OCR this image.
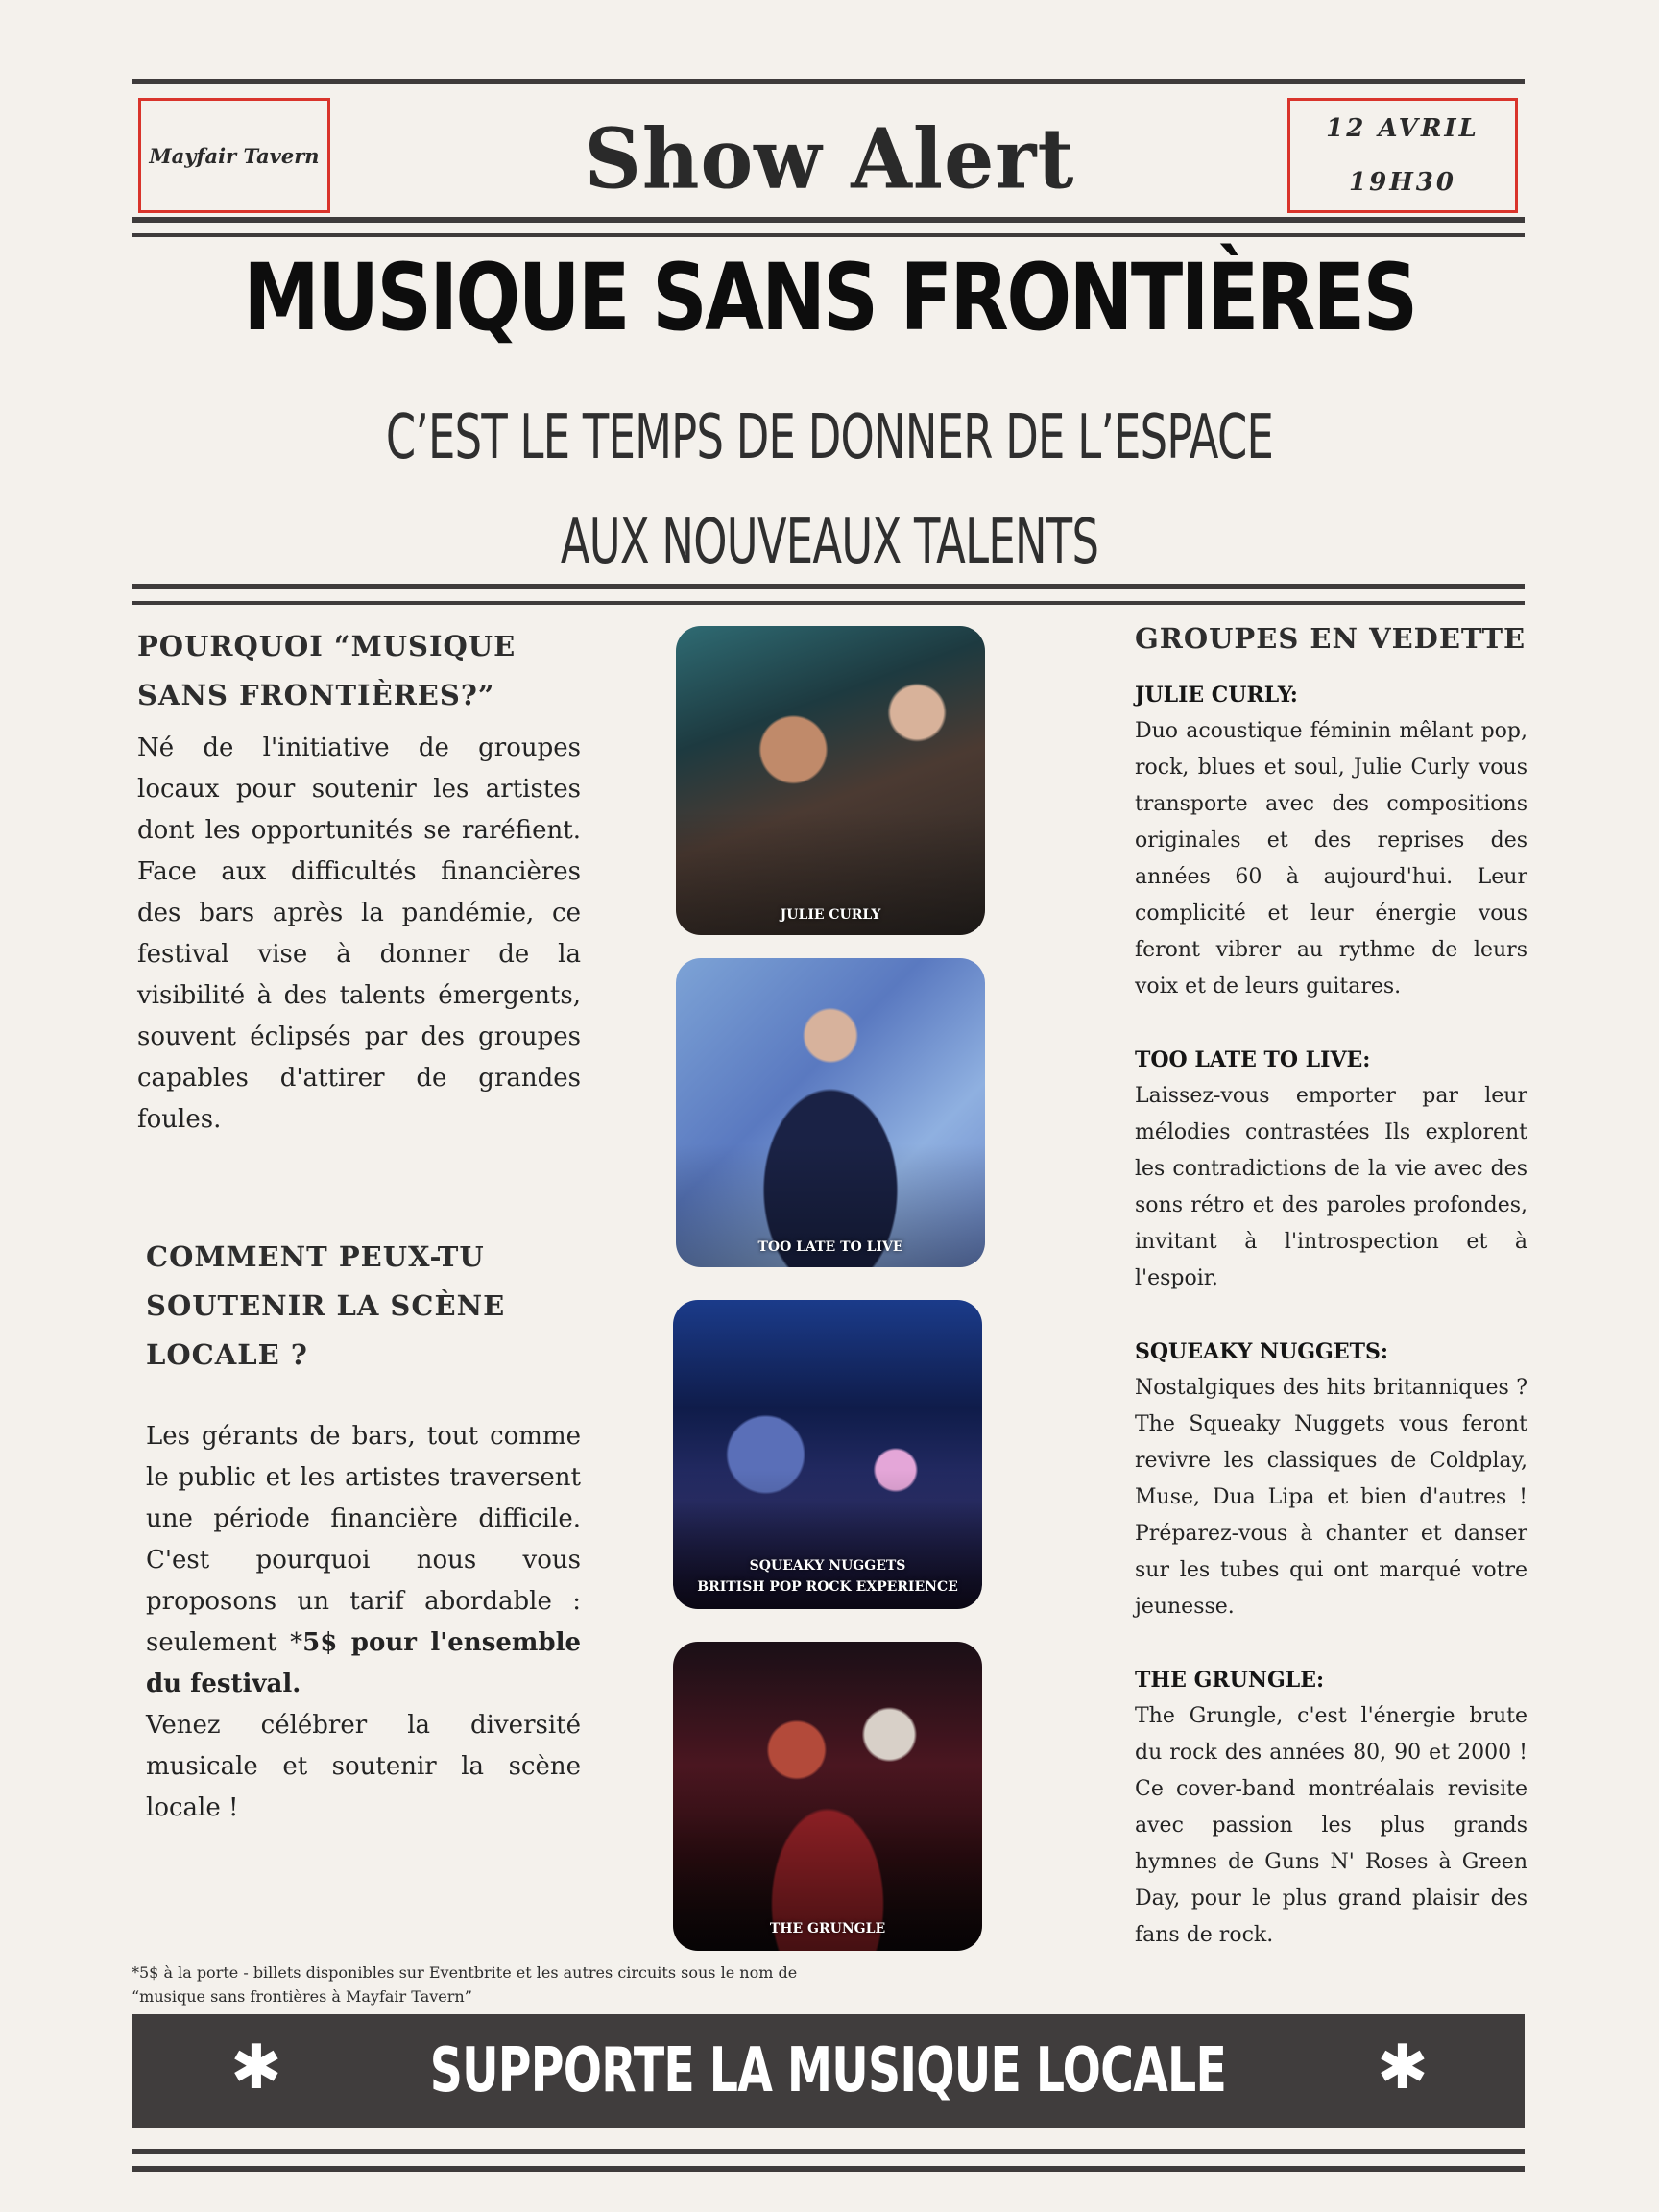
Mayfair Tavern	Show Alert	12 AVRIL
19H30
MUSIQUE SANS FRONTIÈRES
C’EST LE TEMPS DE DONNER DE L’ESPACE
AUX NOUVEAUX TALENTS
POURQUOI “MUSIQUE
SANS FRONTIÈRES?”
Né de l'initiative de groupes locaux pour soutenir les artistes dont les opportunités se raréfient. Face aux difficultés financières des bars après la pandémie, ce festival vise à donner de la visibilité à des talents émergents, souvent éclipsés par des groupes capables d'attirer de grandes foules.
COMMENT PEUX-TU
SOUTENIR LA SCÈNE
LOCALE ?
Les gérants de bars, tout comme le public et les artistes traversent une période financière difficile. C'est pourquoi nous vous proposons un tarif abordable : seulement *5$ pour l'ensemble du festival.
Venez célébrer la diversité musicale et soutenir la scène locale !
JULIE CURLY
TOO LATE TO LIVE
SQUEAKY NUGGETS
BRITISH POP ROCK EXPERIENCE
THE GRUNGLE
GROUPES EN VEDETTE
JULIE CURLY:
Duo acoustique féminin mêlant pop, rock, blues et soul, Julie Curly vous transporte avec des compositions originales et des reprises des années 60 à aujourd'hui. Leur complicité et leur énergie vous feront vibrer au rythme de leurs voix et de leurs guitares.
TOO LATE TO LIVE:
Laissez-vous emporter par leur mélodies contrastées Ils explorent les contradictions de la vie avec des sons rétro et des paroles profondes, invitant à l'introspection et à l'espoir.
SQUEAKY NUGGETS:
Nostalgiques des hits britanniques ? The Squeaky Nuggets vous feront revivre les classiques de Coldplay, Muse, Dua Lipa et bien d'autres ! Préparez-vous à chanter et danser sur les tubes qui ont marqué votre jeunesse.
THE GRUNGLE:
The Grungle, c'est l'énergie brute du rock des années 80, 90 et 2000 ! Ce cover-band montréalais revisite avec passion les plus grands hymnes de Guns N' Roses à Green Day, pour le plus grand plaisir des fans de rock.
*5$ à la porte - billets disponibles sur Eventbrite et les autres circuits sous le nom de
“musique sans frontières à Mayfair Tavern”
SUPPORTE LA MUSIQUE LOCALE
✱	✱
